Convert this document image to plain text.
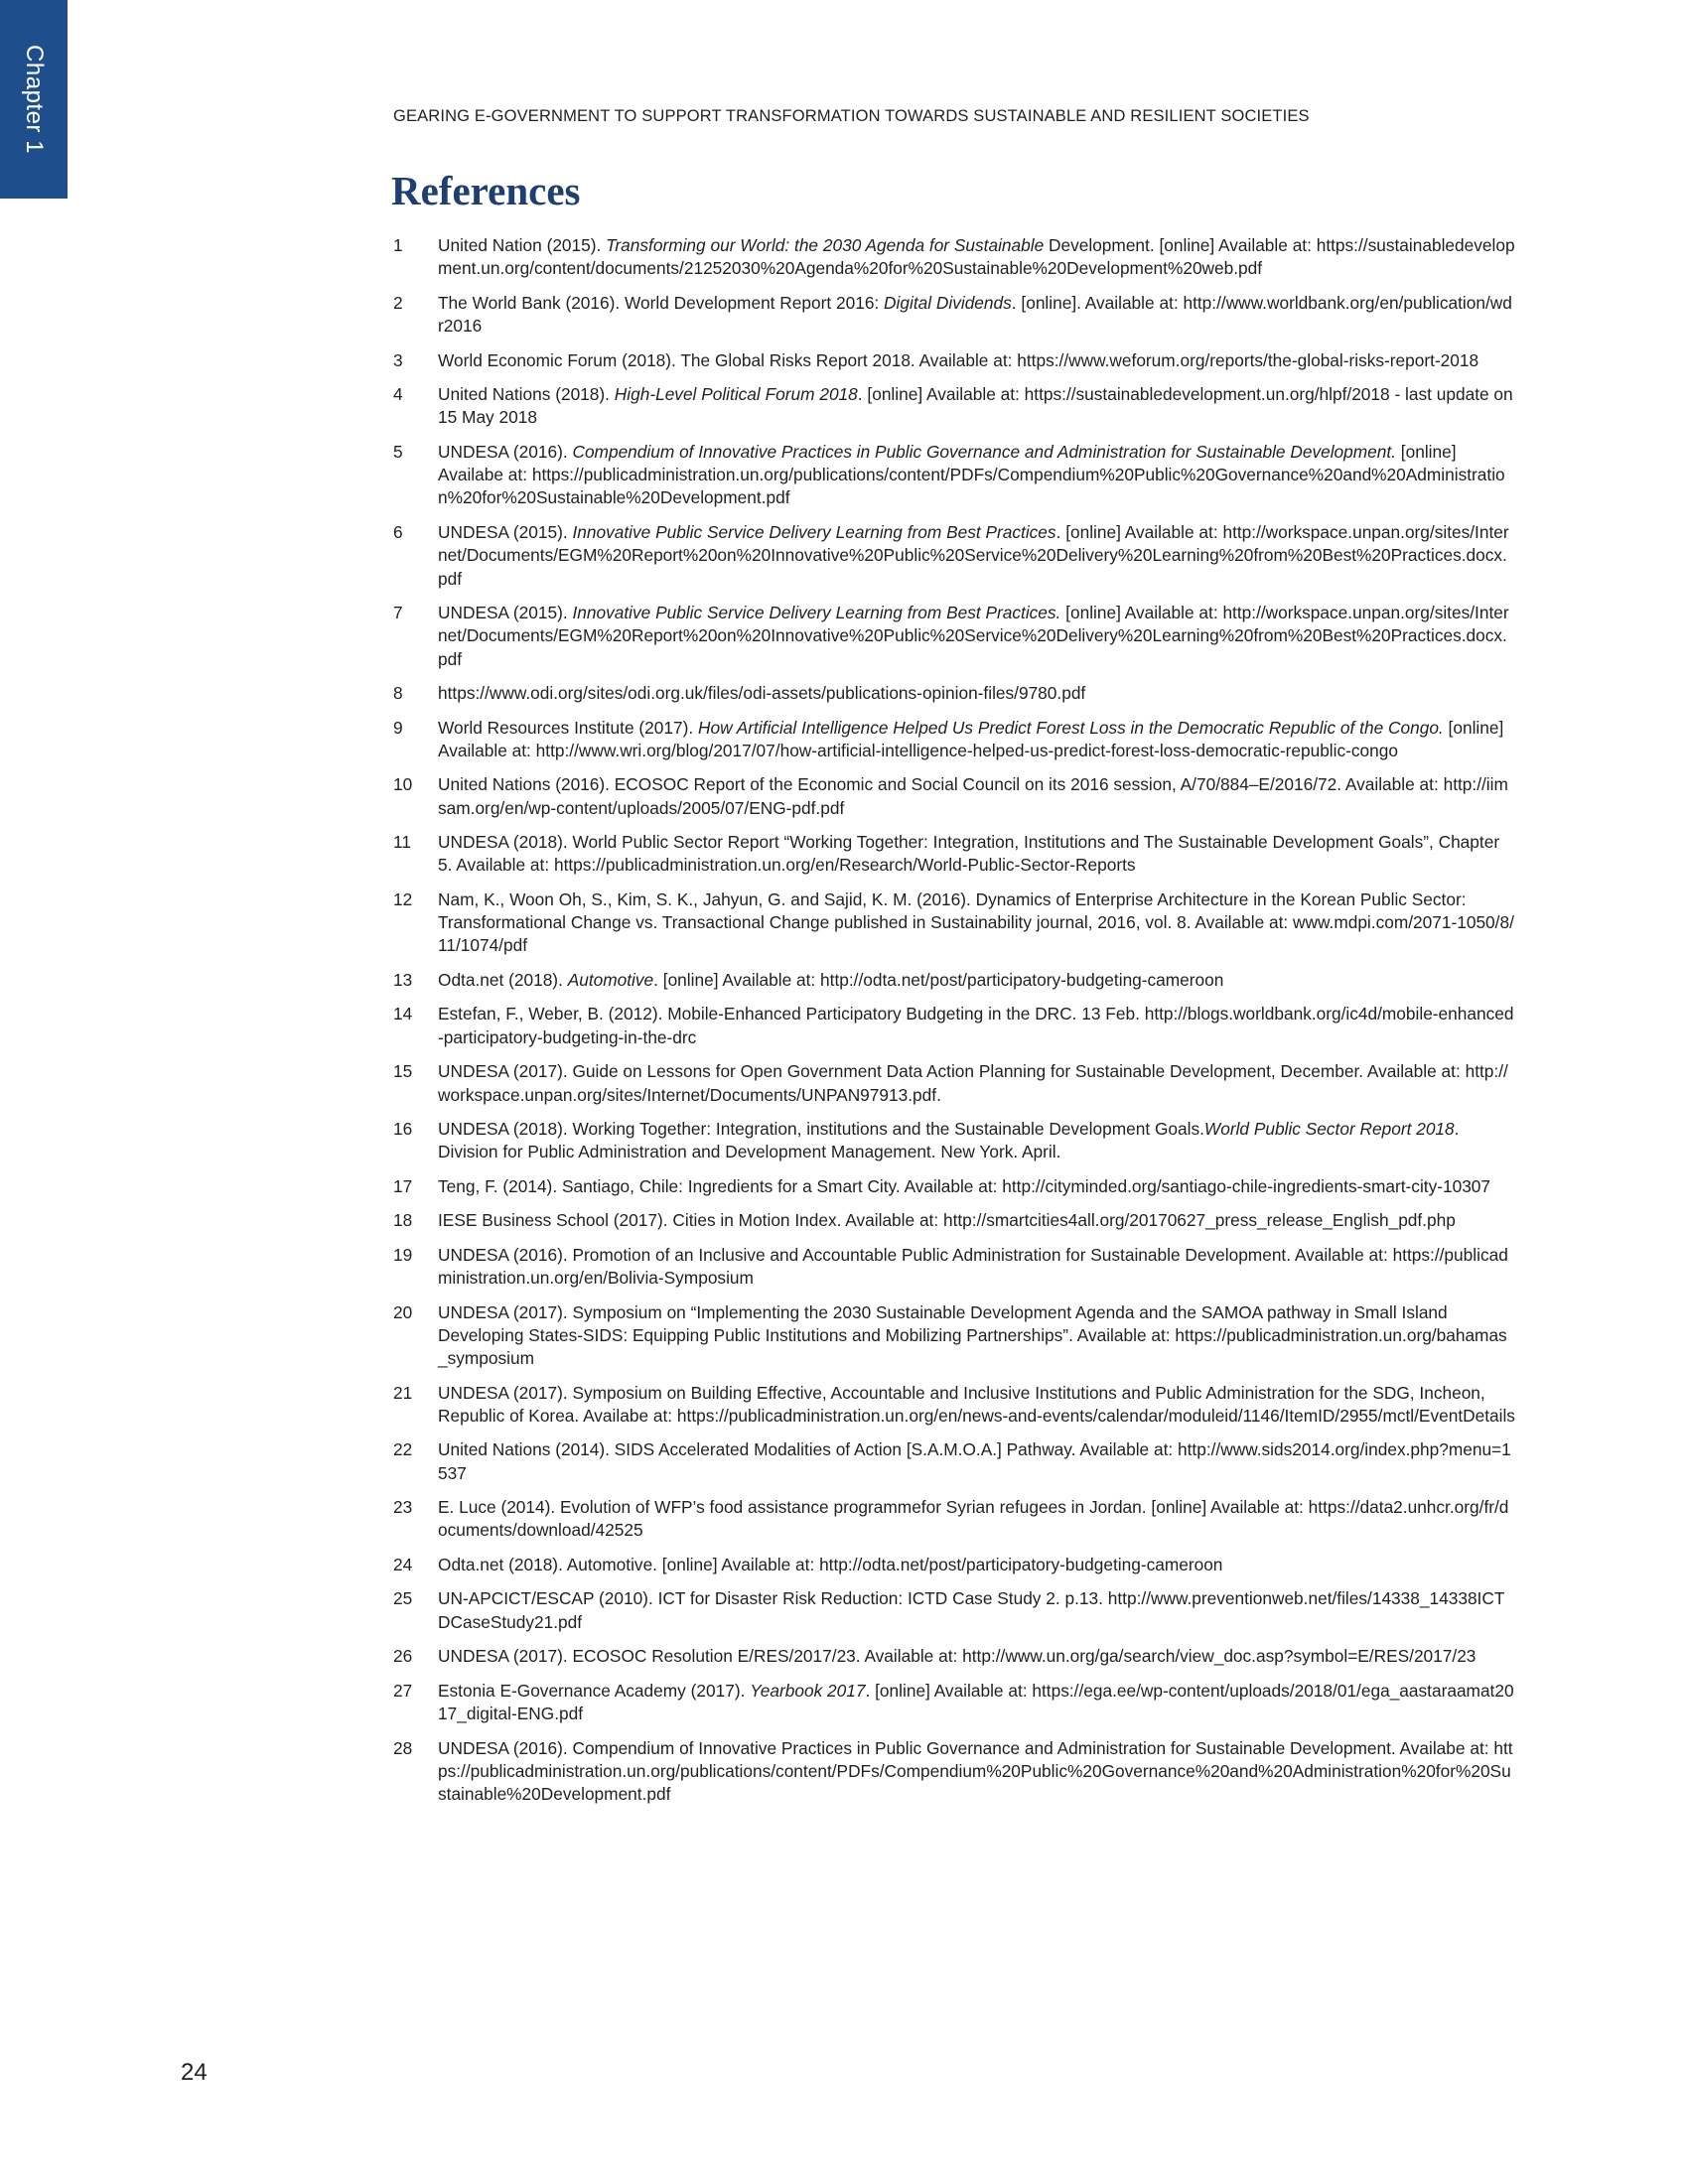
Chapter 1	GEARING E-GOVERNMENT TO SUPPORT TRANSFORMATION TOWARDS SUSTAINABLE AND RESILIENT SOCIETIES
References
1	United Nation (2015). Transforming our World: the 2030 Agenda for Sustainable Development. [online] Available at: https://sustainabledevelopment.un.org/content/documents/21252030%20Agenda%20for%20Sustainable%20Development%20web.pdf
2	The World Bank (2016). World Development Report 2016: Digital Dividends. [online]. Available at: http://www.worldbank.org/en/publication/wdr2016
3	World Economic Forum (2018). The Global Risks Report 2018. Available at: https://www.weforum.org/reports/the-global-risks-report-2018
4	United Nations (2018). High-Level Political Forum 2018. [online] Available at: https://sustainabledevelopment.un.org/hlpf/2018 - last update on 15 May 2018
5	UNDESA (2016). Compendium of Innovative Practices in Public Governance and Administration for Sustainable Development. [online] Availabe at: https://publicadministration.un.org/publications/content/PDFs/Compendium%20Public%20Governance%20and%20Administration%20for%20Sustainable%20Development.pdf
6	UNDESA (2015). Innovative Public Service Delivery Learning from Best Practices. [online] Available at: http://workspace.unpan.org/sites/Internet/Documents/EGM%20Report%20on%20Innovative%20Public%20Service%20Delivery%20Learning%20from%20Best%20Practices.docx.pdf
7	UNDESA (2015). Innovative Public Service Delivery Learning from Best Practices. [online] Available at: http://workspace.unpan.org/sites/Internet/Documents/EGM%20Report%20on%20Innovative%20Public%20Service%20Delivery%20Learning%20from%20Best%20Practices.docx.pdf
8	https://www.odi.org/sites/odi.org.uk/files/odi-assets/publications-opinion-files/9780.pdf
9	World Resources Institute (2017). How Artificial Intelligence Helped Us Predict Forest Loss in the Democratic Republic of the Congo. [online] Available at: http://www.wri.org/blog/2017/07/how-artificial-intelligence-helped-us-predict-forest-loss-democratic-republic-congo
10	United Nations (2016). ECOSOC Report of the Economic and Social Council on its 2016 session, A/70/884–E/2016/72. Available at: http://iimsam.org/en/wp-content/uploads/2005/07/ENG-pdf.pdf
11	UNDESA (2018). World Public Sector Report “Working Together: Integration, Institutions and The Sustainable Development Goals”, Chapter 5. Available at: https://publicadministration.un.org/en/Research/World-Public-Sector-Reports
12	Nam, K., Woon Oh, S., Kim, S. K., Jahyun, G. and Sajid, K. M. (2016). Dynamics of Enterprise Architecture in the Korean Public Sector: Transformational Change vs. Transactional Change published in Sustainability journal, 2016, vol. 8. Available at: www.mdpi.com/2071-1050/8/11/1074/pdf
13	Odta.net (2018). Automotive. [online] Available at: http://odta.net/post/participatory-budgeting-cameroon
14	Estefan, F., Weber, B. (2012). Mobile-Enhanced Participatory Budgeting in the DRC. 13 Feb. http://blogs.worldbank.org/ic4d/mobile-enhanced-participatory-budgeting-in-the-drc
15	UNDESA (2017). Guide on Lessons for Open Government Data Action Planning for Sustainable Development, December. Available at: http://workspace.unpan.org/sites/Internet/Documents/UNPAN97913.pdf.
16	UNDESA (2018). Working Together: Integration, institutions and the Sustainable Development Goals.World Public Sector Report 2018. Division for Public Administration and Development Management. New York. April.
17	Teng, F. (2014). Santiago, Chile: Ingredients for a Smart City. Available at: http://cityminded.org/santiago-chile-ingredients-smart-city-10307
18	IESE Business School (2017). Cities in Motion Index. Available at: http://smartcities4all.org/20170627_press_release_English_pdf.php
19	UNDESA (2016). Promotion of an Inclusive and Accountable Public Administration for Sustainable Development. Available at: https://publicadministration.un.org/en/Bolivia-Symposium
20	UNDESA (2017). Symposium on “Implementing the 2030 Sustainable Development Agenda and the SAMOA pathway in Small Island Developing States-SIDS: Equipping Public Institutions and Mobilizing Partnerships”. Available at: https://publicadministration.un.org/bahamas_symposium
21	UNDESA (2017). Symposium on Building Effective, Accountable and Inclusive Institutions and Public Administration for the SDG, Incheon, Republic of Korea. Availabe at: https://publicadministration.un.org/en/news-and-events/calendar/moduleid/1146/ItemID/2955/mctl/EventDetails
22	United Nations (2014). SIDS Accelerated Modalities of Action [S.A.M.O.A.] Pathway. Available at: http://www.sids2014.org/index.php?menu=1537
23	E. Luce (2014). Evolution of WFP’s food assistance programmefor Syrian refugees in Jordan. [online] Available at: https://data2.unhcr.org/fr/documents/download/42525
24	Odta.net (2018). Automotive. [online] Available at: http://odta.net/post/participatory-budgeting-cameroon
25	UN-APCICT/ESCAP (2010). ICT for Disaster Risk Reduction: ICTD Case Study 2. p.13. http://www.preventionweb.net/files/14338_14338ICTDCaseStudy21.pdf
26	UNDESA (2017). ECOSOC Resolution E/RES/2017/23. Available at: http://www.un.org/ga/search/view_doc.asp?symbol=E/RES/2017/23
27	Estonia E-Governance Academy (2017). Yearbook 2017. [online] Available at: https://ega.ee/wp-content/uploads/2018/01/ega_aastaraamat2017_digital-ENG.pdf
28	UNDESA (2016). Compendium of Innovative Practices in Public Governance and Administration for Sustainable Development. Availabe at: https://publicadministration.un.org/publications/content/PDFs/Compendium%20Public%20Governance%20and%20Administration%20for%20Sustainable%20Development.pdf
24
